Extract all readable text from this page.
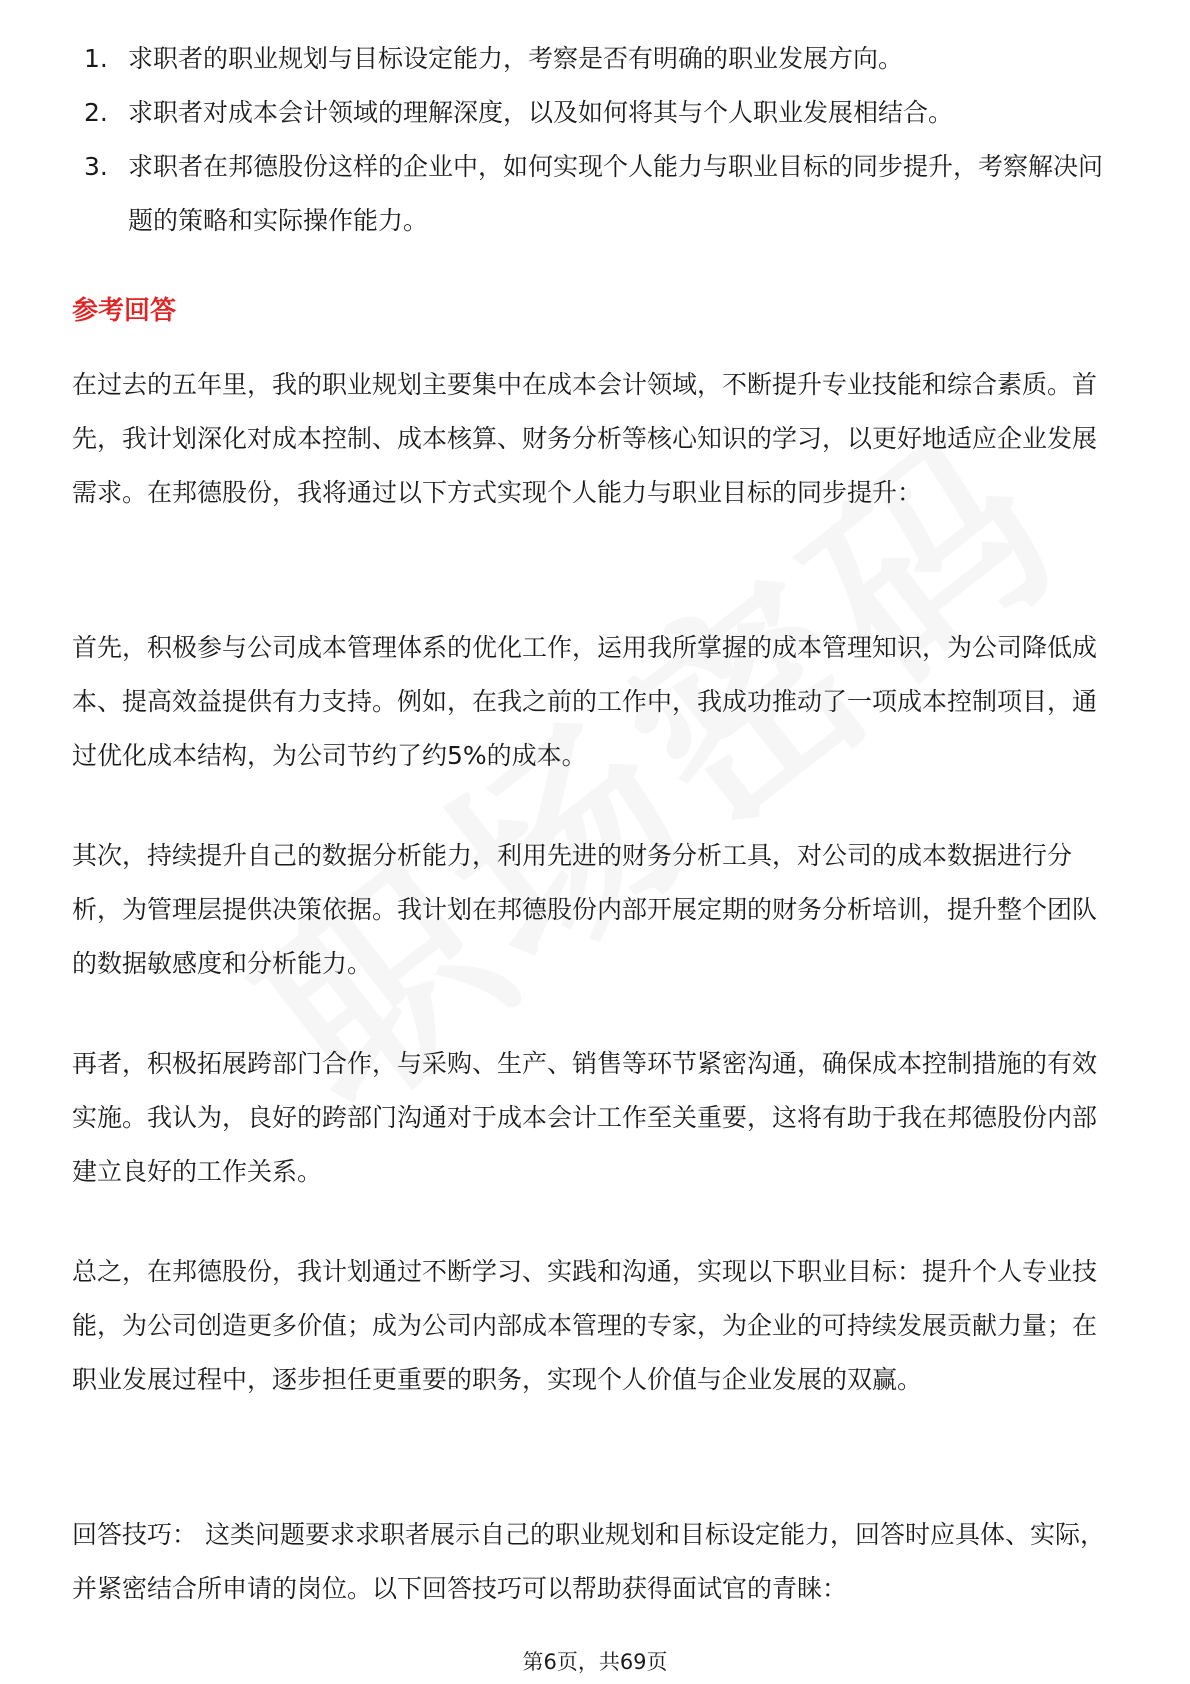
1. 求职者的职业规划与目标设定能力，考察是否有明确的职业发展方向。
2. 求职者对成本会计领域的理解深度，以及如何将其与个人职业发展相结合。
3. 求职者在邦德股份这样的企业中，如何实现个人能力与职业目标的同步提升，考察解决问题的策略和实际操作能力。
参考回答

在过去的五年里，我的职业规划主要集中在成本会计领域，不断提升专业技能和综合素质。首先，我计划深化对成本控制、成本核算、财务分析等核心知识的学习，以更好地适应企业发展需求。在邦德股份，我将通过以下方式实现个人能力与职业目标的同步提升：

首先，积极参与公司成本管理体系的优化工作，运用我所掌握的成本管理知识，为公司降低成本、提高效益提供有力支持。例如，在我之前的工作中，我成功推动了一项成本控制项目，通过优化成本结构，为公司节约了约5%的成本。

其次，持续提升自己的数据分析能力，利用先进的财务分析工具，对公司的成本数据进行分析，为管理层提供决策依据。我计划在邦德股份内部开展定期的财务分析培训，提升整个团队的数据敏感度和分析能力。

再者，积极拓展跨部门合作，与采购、生产、销售等环节紧密沟通，确保成本控制措施的有效实施。我认为，良好的跨部门沟通对于成本会计工作至关重要，这将有助于我在邦德股份内部建立良好的工作关系。

总之，在邦德股份，我计划通过不断学习、实践和沟通，实现以下职业目标：提升个人专业技能，为公司创造更多价值；成为公司内部成本管理的专家，为企业的可持续发展贡献力量；在职业发展过程中，逐步担任更重要的职务，实现个人价值与企业发展的双赢。

回答技巧： 这类问题要求求职者展示自己的职业规划和目标设定能力，回答时应具体、实际，并紧密结合所申请的岗位。以下回答技巧可以帮助获得面试官的青睐：

第6页，共69页
